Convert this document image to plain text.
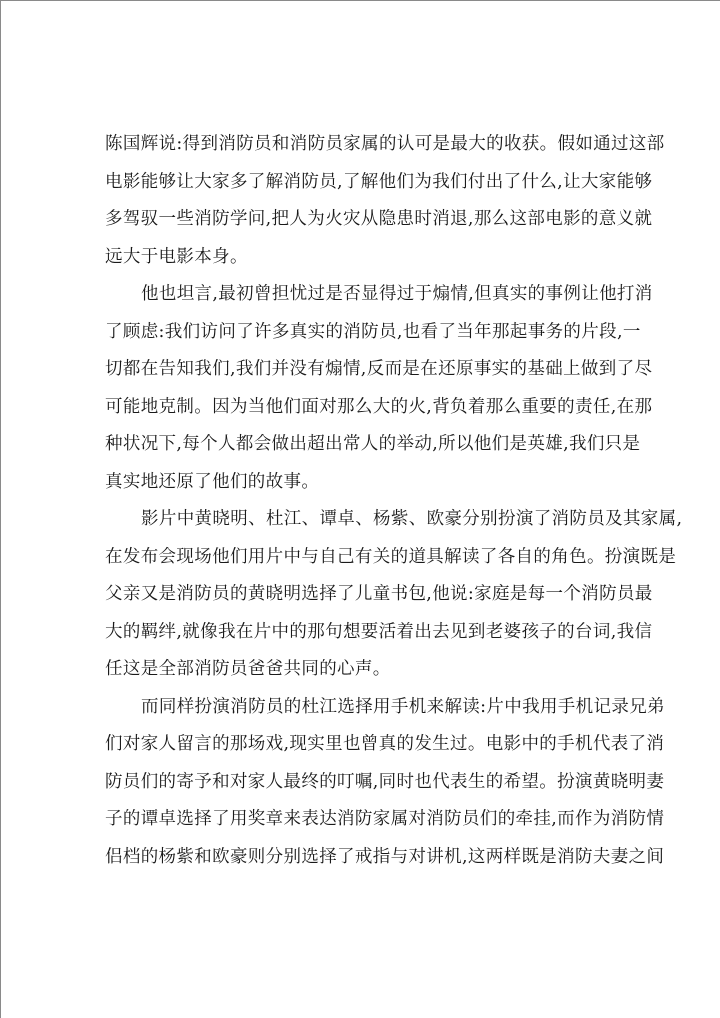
陈国辉说:得到消防员和消防员家属的认可是最大的收获。假如通过这部
电影能够让大家多了解消防员,了解他们为我们付出了什么,让大家能够
多驾驭一些消防学问,把人为火灾从隐患时消退,那么这部电影的意义就
远大于电影本身。
他也坦言,最初曾担忧过是否显得过于煽情,但真实的事例让他打消
了顾虑:我们访问了许多真实的消防员,也看了当年那起事务的片段,一
切都在告知我们,我们并没有煽情,反而是在还原事实的基础上做到了尽
可能地克制。因为当他们面对那么大的火,背负着那么重要的责任,在那
种状况下,每个人都会做出超出常人的举动,所以他们是英雄,我们只是
真实地还原了他们的故事。
影片中黄晓明、杜江、谭卓、杨紫、欧豪分别扮演了消防员及其家属,
在发布会现场他们用片中与自己有关的道具解读了各自的角色。扮演既是
父亲又是消防员的黄晓明选择了儿童书包,他说:家庭是每一个消防员最
大的羁绊,就像我在片中的那句想要活着出去见到老婆孩子的台词,我信
任这是全部消防员爸爸共同的心声。
而同样扮演消防员的杜江选择用手机来解读:片中我用手机记录兄弟
们对家人留言的那场戏,现实里也曾真的发生过。电影中的手机代表了消
防员们的寄予和对家人最终的叮嘱,同时也代表生的希望。扮演黄晓明妻
子的谭卓选择了用奖章来表达消防家属对消防员们的牵挂,而作为消防情
侣档的杨紫和欧豪则分别选择了戒指与对讲机,这两样既是消防夫妻之间
